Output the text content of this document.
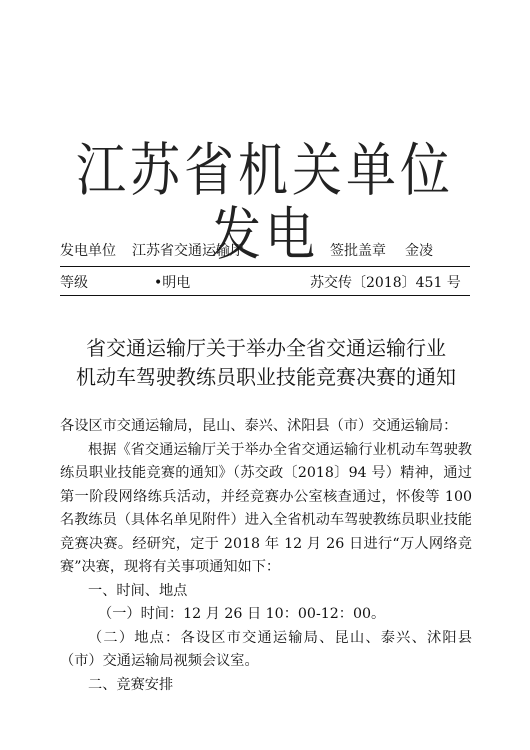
江苏省机关单位发电
发电单位 江苏省交通运输厅	签批盖章 金凌
等级	•明电	苏交传〔2018〕451 号
省交通运输厅关于举办全省交通运输行业
机动车驾驶教练员职业技能竞赛决赛的通知

各设区市交通运输局，昆山、泰兴、沭阳县（市）交通运输局：

根据《省交通运输厅关于举办全省交通运输行业机动车驾驶教练员职业技能竞赛的通知》（苏交政〔2018〕94 号）精神，通过第一阶段网络练兵活动，并经竞赛办公室核查通过，怀俊等 100 名教练员（具体名单见附件）进入全省机动车驾驶教练员职业技能竞赛决赛。经研究，定于 2018 年 12 月 26 日进行“万人网络竞赛”决赛，现将有关事项通知如下：

一、时间、地点

（一）时间：12 月 26 日 10：00-12：00。

（二）地点：各设区市交通运输局、昆山、泰兴、沭阳县（市）交通运输局视频会议室。

二、竞赛安排
